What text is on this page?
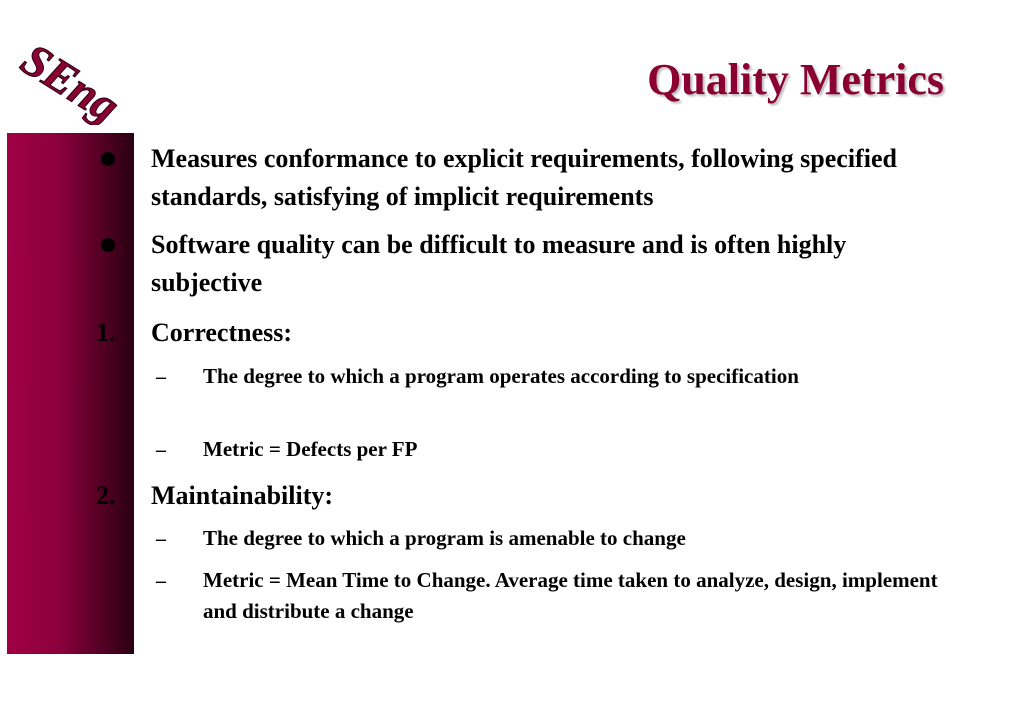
SEng	Quality Metrics
Measures conformance to explicit requirements, following specified standards, satisfying of implicit requirements
Software quality can be difficult to measure and is often highly subjective
1. Correctness:
– The degree to which a program operates according to specification
– Metric = Defects per FP
2. Maintainability:
– The degree to which a program is amenable to change
– Metric = Mean Time to Change. Average time taken to analyze, design, implement and distribute a change
